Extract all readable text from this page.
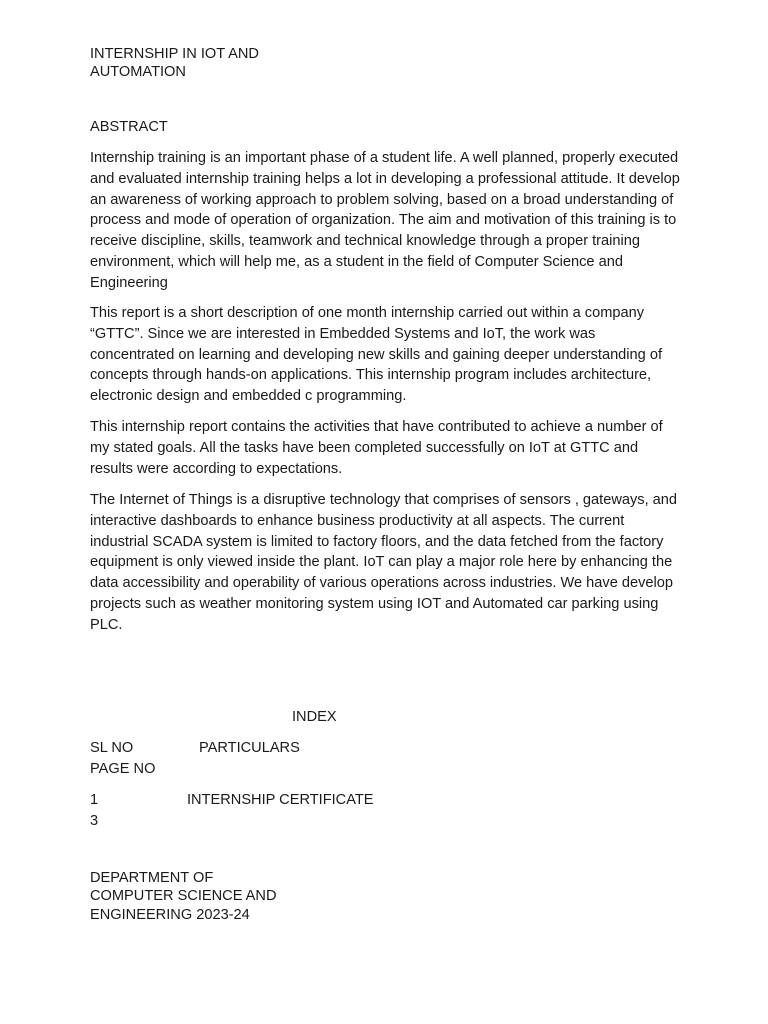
INTERNSHIP IN IOT AND AUTOMATION
ABSTRACT

Internship training is an important phase of a student life. A well planned, properly executed and evaluated internship training helps a lot in developing a professional attitude. It develop an awareness of working approach to problem solving, based on a broad understanding of process and mode of operation of organization. The aim and motivation of this training is to receive discipline, skills, teamwork and technical knowledge through a proper training environment, which will help me, as a student in the field of Computer Science and Engineering

This report is a short description of one month internship carried out within a company “GTTC”. Since we are interested in Embedded Systems and IoT, the work was concentrated on learning and developing new skills and gaining deeper understanding of concepts through hands-on applications. This internship program includes architecture, electronic design and embedded c programming.

This internship report contains the activities that have contributed to achieve a number of my stated goals. All the tasks have been completed successfully on IoT at GTTC and results were according to expectations.

The Internet of Things is a disruptive technology that comprises of sensors , gateways, and interactive dashboards to enhance business productivity at all aspects. The current industrial SCADA system is limited to factory floors, and the data fetched from the factory equipment is only viewed inside the plant. IoT can play a major role here by enhancing the data accessibility and operability of various operations across industries. We have develop projects such as weather monitoring system using IOT and Automated car parking using PLC.

INDEX
SL NO	PARTICULARS
PAGE NO
1	INTERNSHIP CERTIFICATE
3
DEPARTMENT OF COMPUTER SCIENCE AND ENGINEERING 2023-24
